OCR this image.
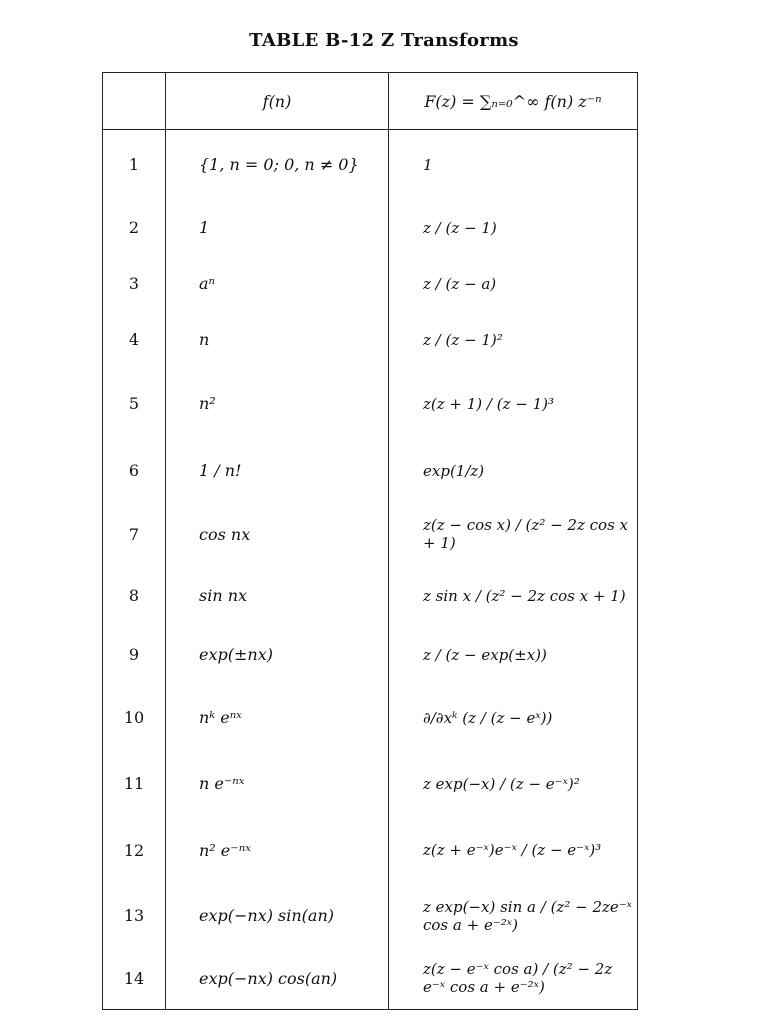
TABLE B-12 Z Transforms
	f(n)	F(z) = ∑ₙ₌₀^∞ f(n) z⁻ⁿ
1	{1, n = 0; 0, n ≠ 0}	1
2	1	z / (z − 1)
3	aⁿ	z / (z − a)
4	n	z / (z − 1)²
5	n²	z(z + 1) / (z − 1)³
6	1 / n!	exp(1/z)
7	cos nx	z(z − cos x) / (z² − 2z cos x + 1)
8	sin nx	z sin x / (z² − 2z cos x + 1)
9	exp(±nx)	z / (z − exp(±x))
10	nᵏ eⁿˣ	∂/∂xᵏ (z / (z − eˣ))
11	n e⁻ⁿˣ	z exp(−x) / (z − e⁻ˣ)²
12	n² e⁻ⁿˣ	z(z + e⁻ˣ)e⁻ˣ / (z − e⁻ˣ)³
13	exp(−nx) sin(an)	z exp(−x) sin a / (z² − 2ze⁻ˣ cos a + e⁻²ˣ)
14	exp(−nx) cos(an)	z(z − e⁻ˣ cos a) / (z² − 2z e⁻ˣ cos a + e⁻²ˣ)
